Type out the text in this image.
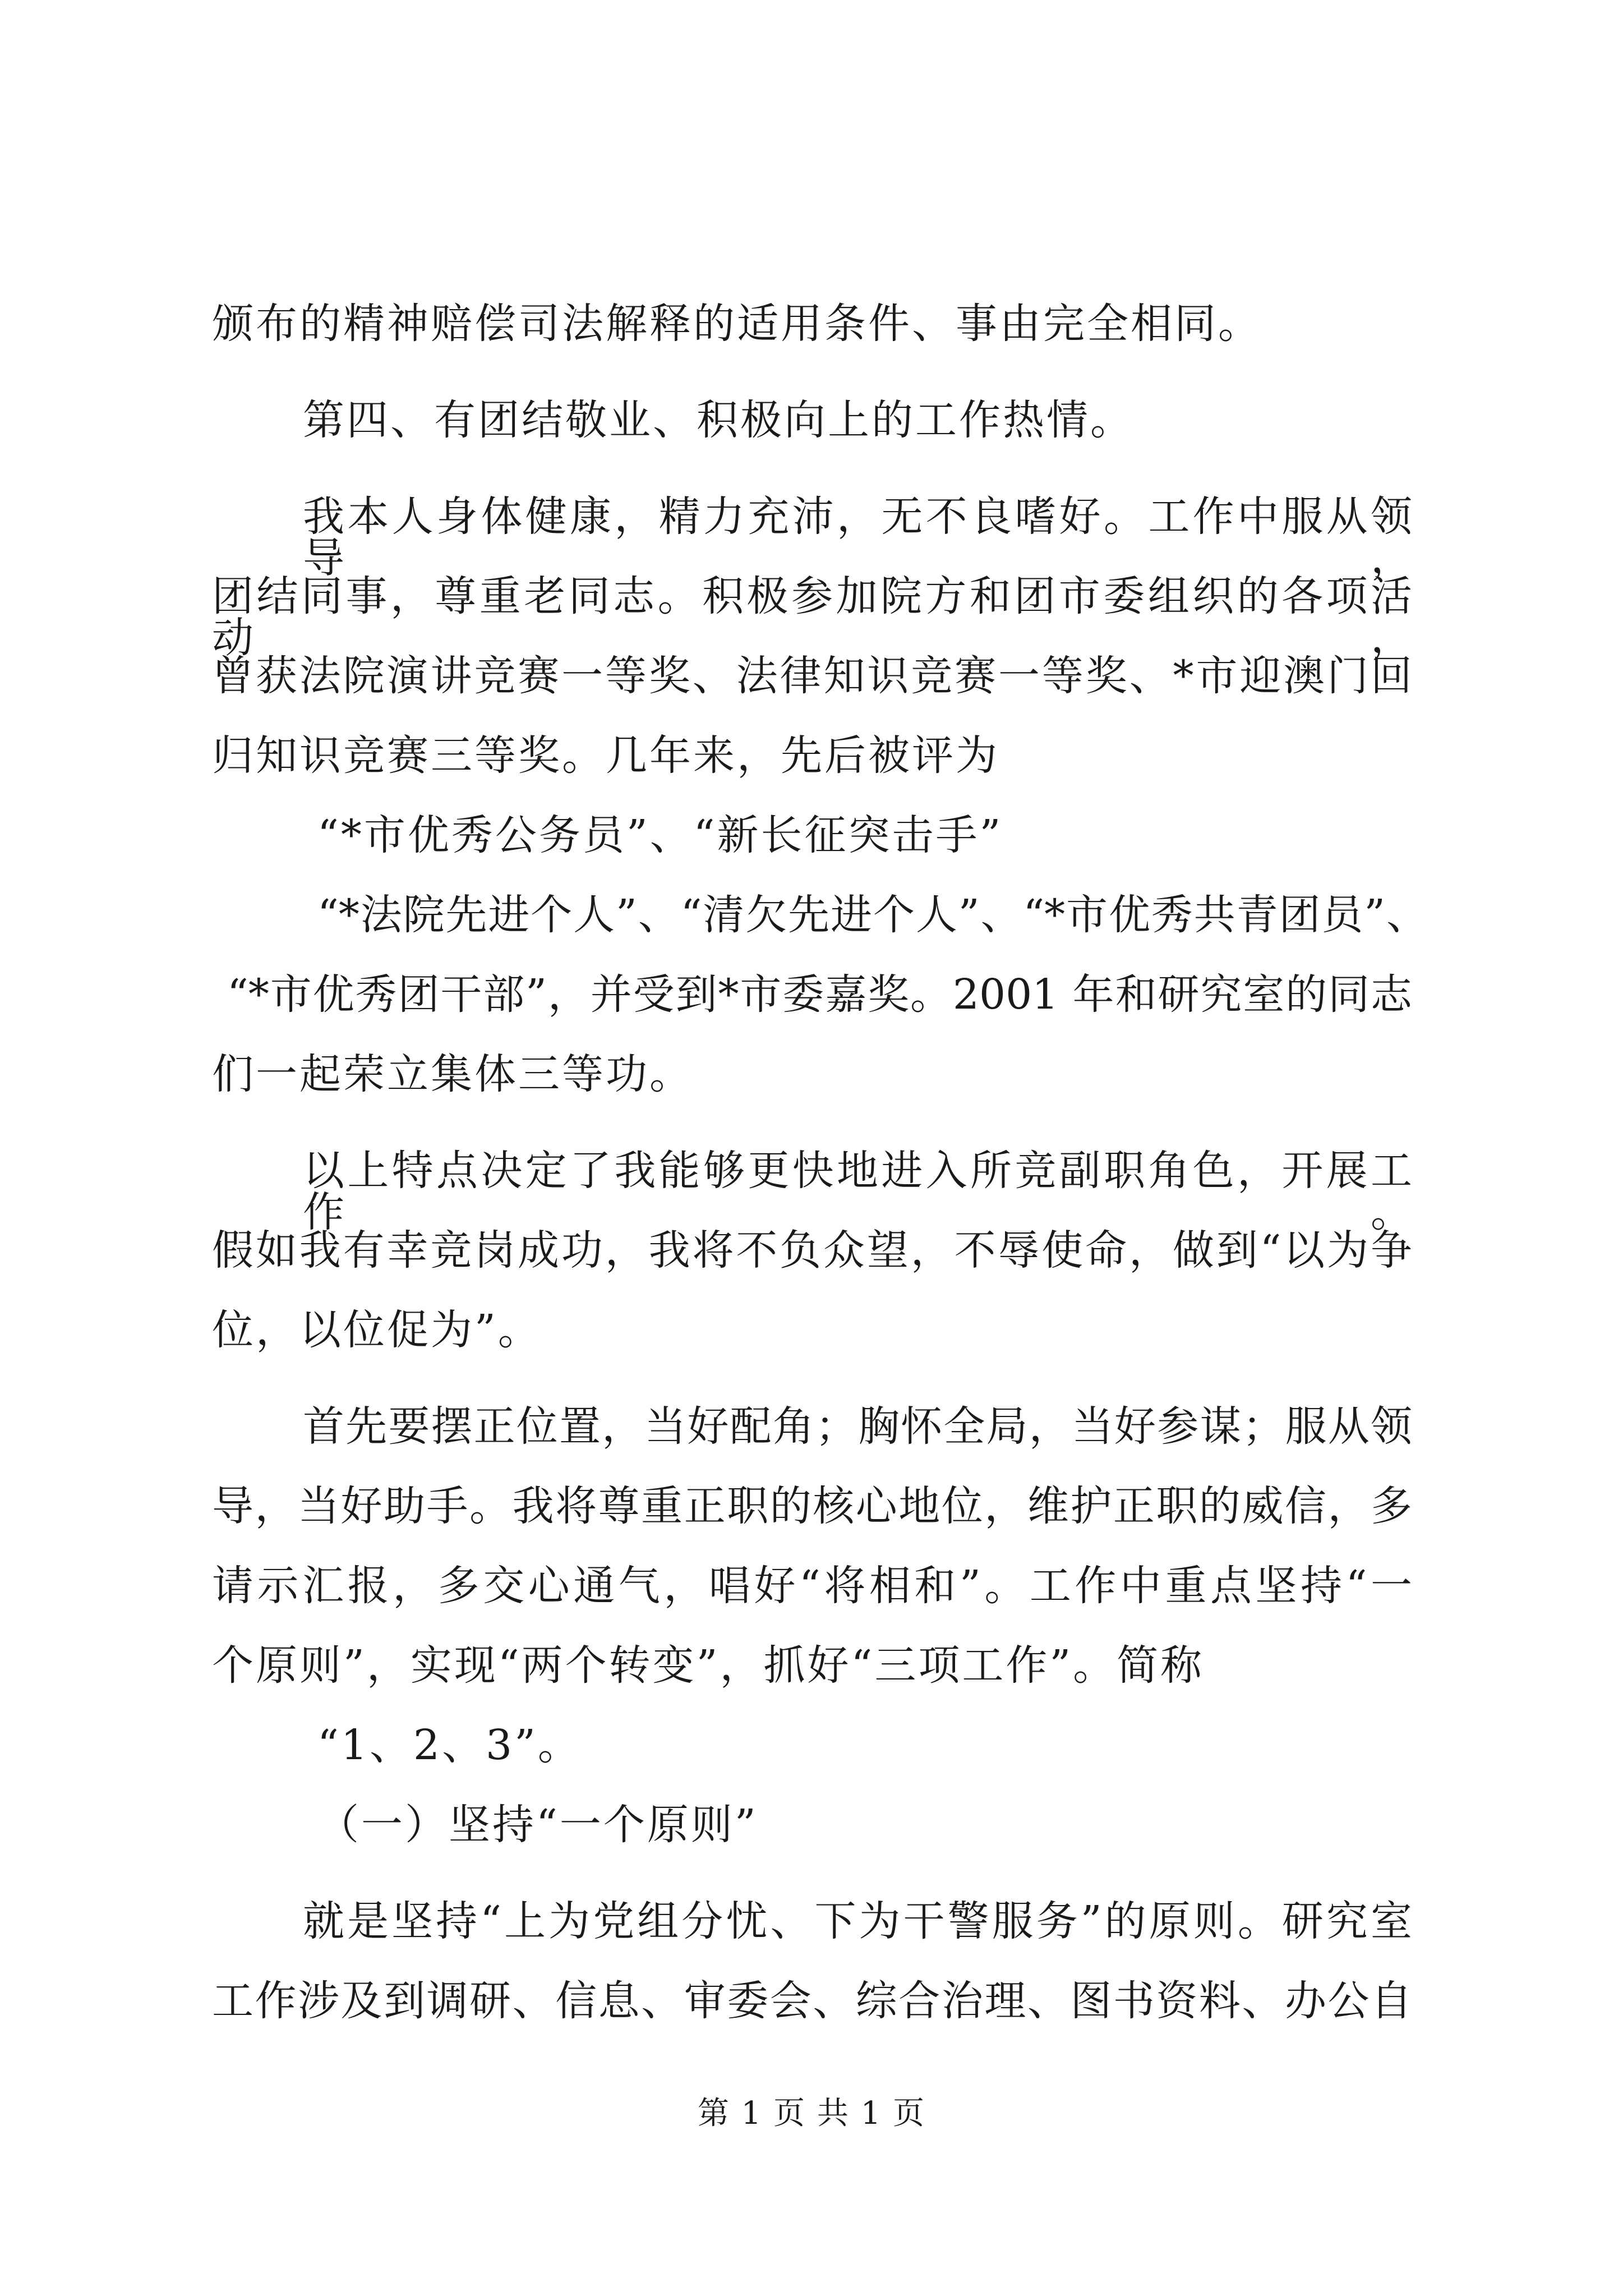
颁布的精神赔偿司法解释的适用条件、事由完全相同。
第四、有团结敬业、积极向上的工作热情。
我本人身体健康，精力充沛，无不良嗜好。工作中服从领导，
团结同事，尊重老同志。积极参加院方和团市委组织的各项活动，
曾获法院演讲竞赛一等奖、法律知识竞赛一等奖、*市迎澳门回
归知识竞赛三等奖。几年来，先后被评为
“*市优秀公务员”、“新长征突击手”
“*法院先进个人”、“清欠先进个人”、“*市优秀共青团员”、
“*市优秀团干部”，并受到*市委嘉奖。2001 年和研究室的同志
们一起荣立集体三等功。
以上特点决定了我能够更快地进入所竞副职角色，开展工作。
假如我有幸竞岗成功，我将不负众望，不辱使命，做到“以为争
位，以位促为”。
首先要摆正位置，当好配角；胸怀全局，当好参谋；服从领
导，当好助手。我将尊重正职的核心地位，维护正职的威信，多
请示汇报，多交心通气，唱好“将相和”。工作中重点坚持“一
个原则”，实现“两个转变”，抓好“三项工作”。简称
“1、2、3”。
（一）坚持“一个原则”
就是坚持“上为党组分忧、下为干警服务”的原则。研究室
工作涉及到调研、信息、审委会、综合治理、图书资料、办公自
第 1 页 共 1 页
